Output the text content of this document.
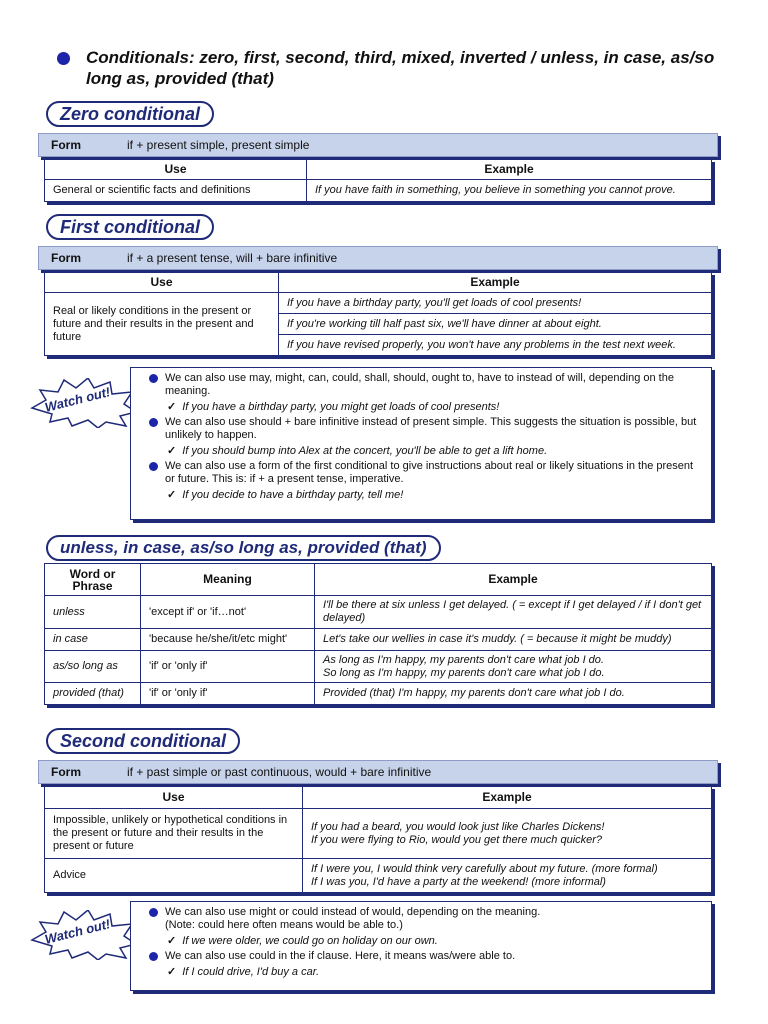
Conditionals: zero, first, second, third, mixed, inverted / unless, in case, as/so long as, provided (that)
Zero conditional
Form	if + present simple, present simple
Use	Example
General or scientific facts and definitions	If you have faith in something, you believe in something you cannot prove.
First conditional
Form	if + a present tense, will + bare infinitive
Use	Example
Real or likely conditions in the present or future and their results in the present and future	If you have a birthday party, you'll get loads of cool presents!
	If you're working till half past six, we'll have dinner at about eight.
	If you have revised properly, you won't have any problems in the test next week.
Watch out!
We can also use may, might, can, could, shall, should, ought to, have to instead of will, depending on the meaning.
✓ If you have a birthday party, you might get loads of cool presents!
We can also use should + bare infinitive instead of present simple. This suggests the situation is possible, but unlikely to happen.
✓ If you should bump into Alex at the concert, you'll be able to get a lift home.
We can also use a form of the first conditional to give instructions about real or likely situations in the present or future. This is: if + a present tense, imperative.
✓ If you decide to have a birthday party, tell me!
unless, in case, as/so long as, provided (that)
Word or Phrase	Meaning	Example
unless	'except if' or 'if…not'	I'll be there at six unless I get delayed. ( = except if I get delayed / if I don't get delayed)
in case	'because he/she/it/etc might'	Let's take our wellies in case it's muddy. ( = because it might be muddy)
as/so long as	'if' or 'only if'	As long as I'm happy, my parents don't care what job I do.
So long as I'm happy, my parents don't care what job I do.

provided (that)	'if' or 'only if'	Provided (that) I'm happy, my parents don't care what job I do.
Second conditional
Form	if + past simple or past continuous, would + bare infinitive
Use	Example
Impossible, unlikely or hypothetical conditions in the present or future and their results in the present or future	If you had a beard, you would look just like Charles Dickens!
If you were flying to Rio, would you get there much quicker?

Advice	If I were you, I would think very carefully about my future. (more formal)
If I was you, I'd have a party at the weekend! (more informal)
Watch out!
We can also use might or could instead of would, depending on the meaning.
(Note: could here often means would be able to.)
✓ If we were older, we could go on holiday on our own.
We can also use could in the if clause. Here, it means was/were able to.
✓ If I could drive, I'd buy a car.
